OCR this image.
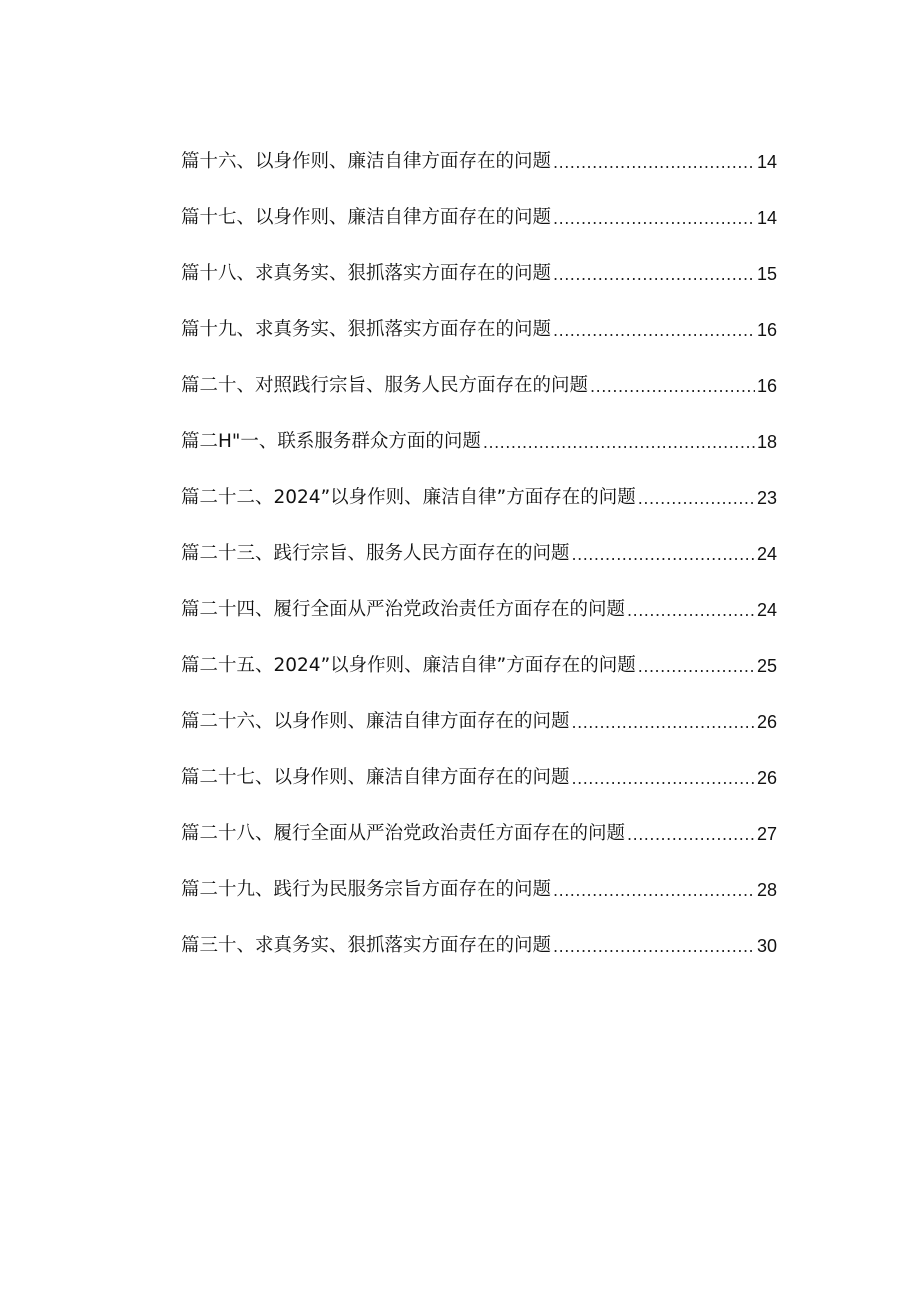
篇十六、以身作则、廉洁自律方面存在的问题 .....	14
篇十七、以身作则、廉洁自律方面存在的问题 .....	14
篇十八、求真务实、狠抓落实方面存在的问题 .....	15
篇十九、求真务实、狠抓落实方面存在的问题 .....	16
篇二十、对照践行宗旨、服务人民方面存在的问题 .....	16
篇二H"一、联系服务群众方面的问题 .....	18
篇二十二、2024”以身作则、廉洁自律”方面存在的问题 .....	23
篇二十三、践行宗旨、服务人民方面存在的问题 .....	24
篇二十四、履行全面从严治党政治责任方面存在的问题 .....	24
篇二十五、2024”以身作则、廉洁自律”方面存在的问题 .....	25
篇二十六、以身作则、廉洁自律方面存在的问题 .....	26
篇二十七、以身作则、廉洁自律方面存在的问题 .....	26
篇二十八、履行全面从严治党政治责任方面存在的问题 .....	27
篇二十九、践行为民服务宗旨方面存在的问题 .....	28
篇三十、求真务实、狠抓落实方面存在的问题 .....	30
